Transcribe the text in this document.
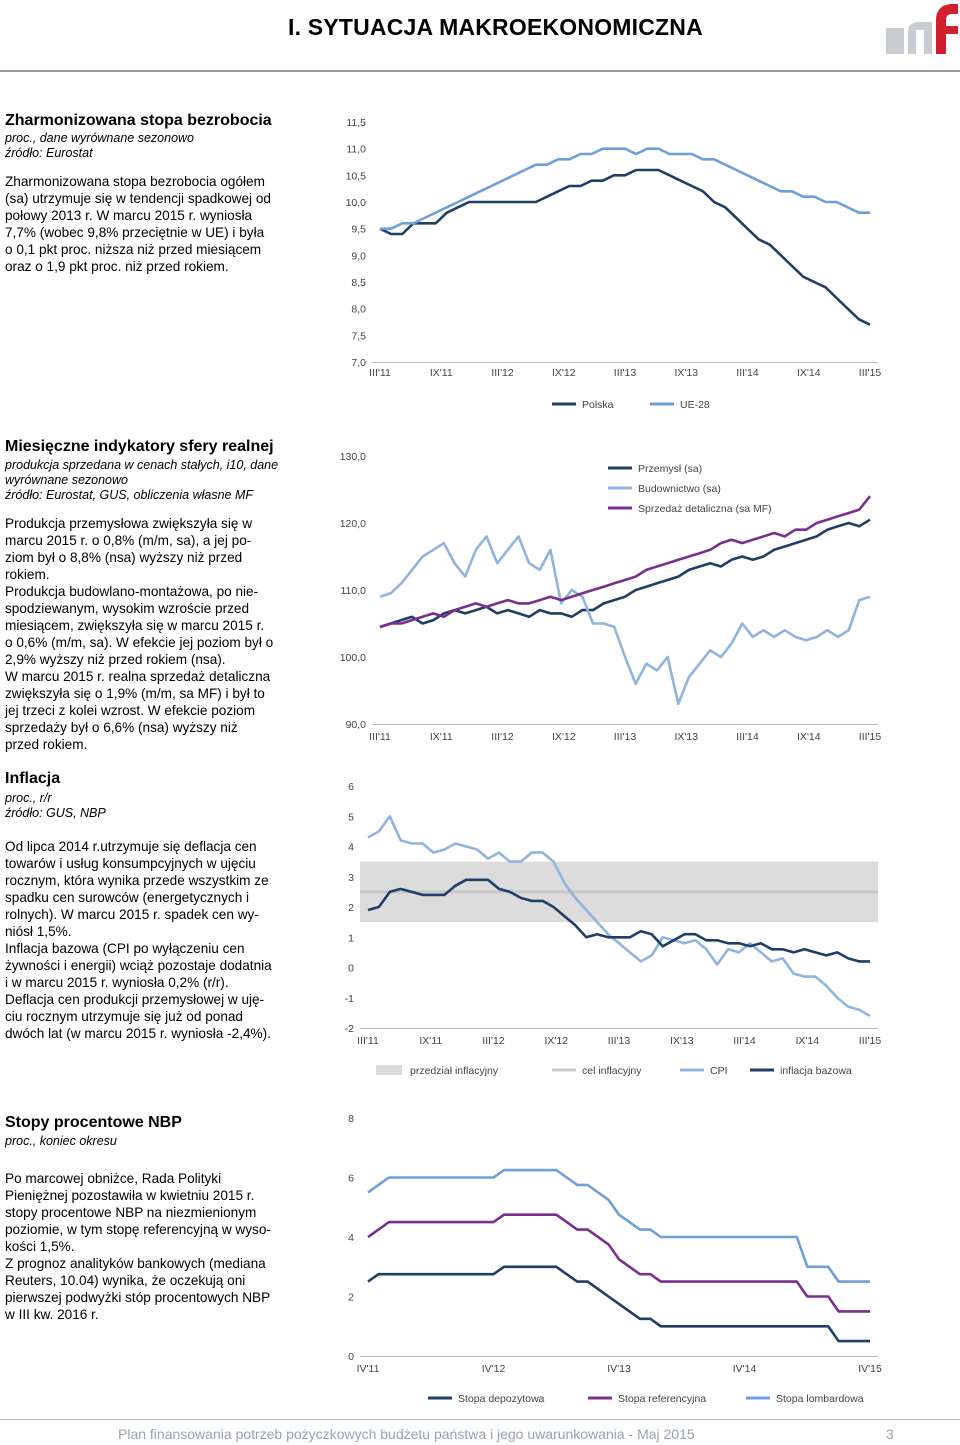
I. SYTUACJA MAKROEKONOMICZNA
Zharmonizowana stopa bezrobocia
proc., dane wyrównane sezonowo
źródło: Eurostat
Zharmonizowana stopa bezrobocia ogółem
(sa) utrzymuje się w tendencji spadkowej od
połowy 2013 r. W marcu 2015 r. wyniosła
7,7% (wobec 9,8% przeciętnie w UE) i była
o 0,1 pkt proc. niższa niż przed miesiącem
oraz o 1,9 pkt proc. niż przed rokiem.
11,5
11,0
10,5
10,0
9,5
9,0
8,5
8,0
7,5
7,0
III'11	IX'11	III'12	IX'12	III'13	IX'13	III'14	IX'14	III'15
Polska	UE-28
Miesięczne indykatory sfery realnej
produkcja sprzedana w cenach stałych, i10, dane
wyrównane sezonowo
źródło: Eurostat, GUS, obliczenia własne MF
Produkcja przemysłowa zwiększyła się w
marcu 2015 r. o 0,8% (m/m, sa), a jej po-
ziom był o 8,8% (nsa) wyższy niż przed
rokiem.
Produkcja budowlano-montażowa, po nie-
spodziewanym, wysokim wzroście przed
miesiącem, zwiększyła się w marcu 2015 r.
o 0,6% (m/m, sa). W efekcie jej poziom był o
2,9% wyższy niż przed rokiem (nsa).
W marcu 2015 r. realna sprzedaż detaliczna
zwiększyła się o 1,9% (m/m, sa MF) i był to
jej trzeci z kolei wzrost. W efekcie poziom
sprzedaży był o 6,6% (nsa) wyższy niż
przed rokiem.
130,0
120,0
110,0
100,0
90,0
III'11	IX'11	III'12	IX'12	III'13	IX'13	III'14	IX'14	III'15
Przemysł (sa)
Budownictwo (sa)
Sprzedaż detaliczna (sa MF)
Inflacja
proc., r/r
źródło: GUS, NBP
Od lipca 2014 r.utrzymuje się deflacja cen
towarów i usług konsumpcyjnych w ujęciu
rocznym, która wynika przede wszystkim ze
spadku cen surowców (energetycznych i
rolnych). W marcu 2015 r. spadek cen wy-
niósł 1,5%.
Inflacja bazowa (CPI po wyłączeniu cen
żywności i energii) wciąż pozostaje dodatnia
i w marcu 2015 r. wyniosła 0,2% (r/r).
Deflacja cen produkcji przemysłowej w uję-
ciu rocznym utrzymuje się już od ponad
dwóch lat (w marcu 2015 r. wyniosła -2,4%).
6
5
4
3
2
1
0
-1
-2
III'11	IX'11	III'12	IX'12	III'13	IX'13	III'14	IX'14	III'15
przedział inflacyjny	cel inflacyjny	CPI	inflacja bazowa
Stopy procentowe NBP
proc., koniec okresu
Po marcowej obniżce, Rada Polityki
Pieniężnej pozostawiła w kwietniu 2015 r.
stopy procentowe NBP na niezmienionym
poziomie, w tym stopę referencyjną w wyso-
kości 1,5%.
Z prognoz analityków bankowych (mediana
Reuters, 10.04) wynika, że oczekują oni
pierwszej podwyżki stóp procentowych NBP
w III kw. 2016 r.
8
6
4
2
0
IV'11	IV'12	IV'13	IV'14	IV'15
Stopa depozytowa	Stopa referencyjna	Stopa lombardowa
Plan finansowania potrzeb pożyczkowych budżetu państwa i jego uwarunkowania - Maj 2015	3
